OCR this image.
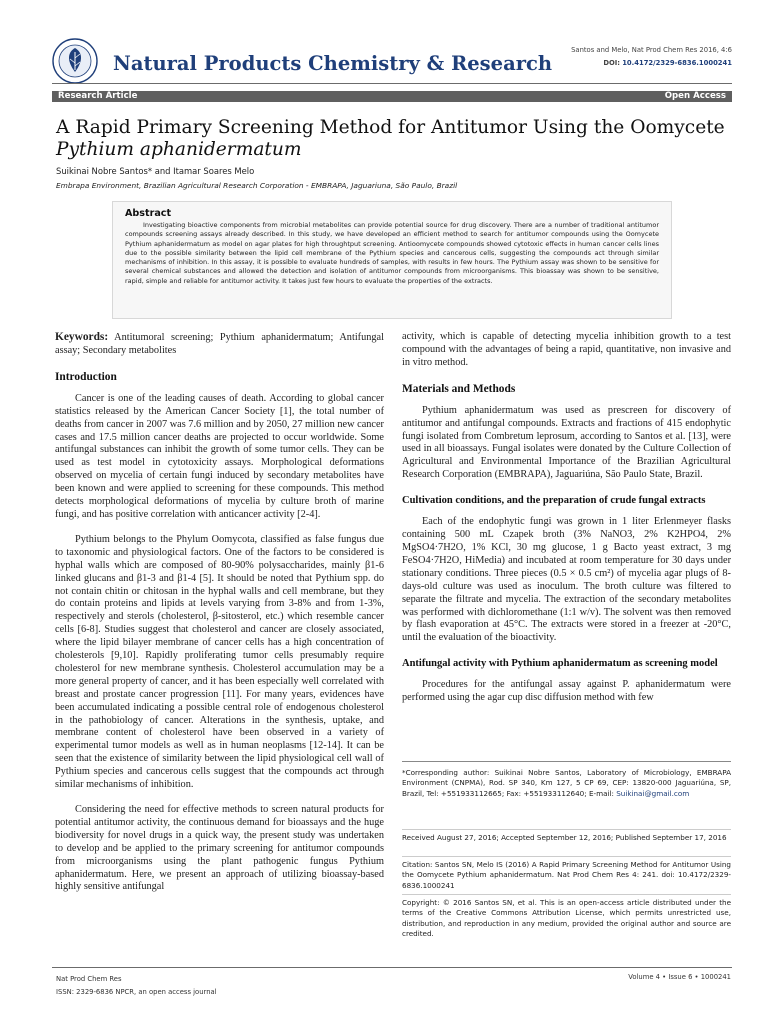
Natural Products Chemistry & Research
Santos and Melo, Nat Prod Chem Res 2016, 4:6
DOI: 10.4172/2329-6836.1000241
Research Article	Open Access
A Rapid Primary Screening Method for Antitumor Using the Oomycete
Pythium aphanidermatum
Suikinai Nobre Santos* and Itamar Soares Melo
Embrapa Environment, Brazilian Agricultural Research Corporation - EMBRAPA, Jaguariuna, São Paulo, Brazil
Abstract

Investigating bioactive components from microbial metabolites can provide potential source for drug discovery. There are a number of traditional antitumor compounds screening assays already described. In this study, we have developed an efficient method to search for antitumor compounds using the Oomycete Pythium aphanidermatum as model on agar plates for high throughtput screening. Antioomycete compounds showed cytotoxic effects in human cancer cells lines due to the possible similarity between the lipid cell membrane of the Pythium species and cancerous cells, suggesting the compounds act through similar mechanisms of inhibition. In this assay, it is possible to evaluate hundreds of samples, with results in few hours. The Pythium assay was shown to be sensitive for several chemical substances and allowed the detection and isolation of antitumor compounds from microorganisms. This bioassay was shown to be sensitive, rapid, simple and reliable for antitumor activity. It takes just few hours to evaluate the properties of the extracts.

Keywords: Antitumoral screening; Pythium aphanidermatum; Antifungal assay; Secondary metabolites

Introduction

Cancer is one of the leading causes of death. According to global cancer statistics released by the American Cancer Society [1], the total number of deaths from cancer in 2007 was 7.6 million and by 2050, 27 million new cancer cases and 17.5 million cancer deaths are projected to occur worldwide. Some antifungal substances can inhibit the growth of some tumor cells. They can be used as test model in cytotoxicity assays. Morphological deformations observed on mycelia of certain fungi induced by secondary metabolites have been known and were applied to screening for these compounds. This method detects morphological deformations of mycelia by culture broth of marine fungi, and has positive correlation with anticancer activity [2-4].

Pythium belongs to the Phylum Oomycota, classified as false fungus due to taxonomic and physiological factors. One of the factors to be considered is hyphal walls which are composed of 80-90% polysaccharides, mainly β1-6 linked glucans and β1-3 and β1-4 [5]. It should be noted that Pythium spp. do not contain chitin or chitosan in the hyphal walls and cell membrane, but they do contain proteins and lipids at levels varying from 3-8% and from 1-3%, respectively and sterols (cholesterol, β-sitosterol, etc.) which resemble cancer cells [6-8]. Studies suggest that cholesterol and cancer are closely associated, where the lipid bilayer membrane of cancer cells has a high concentration of cholesterols [9,10]. Rapidly proliferating tumor cells presumably require cholesterol for new membrane synthesis. Cholesterol accumulation may be a more general property of cancer, and it has been especially well correlated with breast and prostate cancer progression [11]. For many years, evidences have been accumulated indicating a possible central role of endogenous cholesterol in the pathobiology of cancer. Alterations in the synthesis, uptake, and membrane content of cholesterol have been observed in a variety of experimental tumor models as well as in human neoplasms [12-14]. It can be seen that the existence of similarity between the lipid physiological cell wall of Pythium species and cancerous cells suggest that the compounds act through similar mechanisms of inhibition.

Considering the need for effective methods to screen natural products for potential antitumor activity, the continuous demand for bioassays and the huge biodiversity for novel drugs in a quick way, the present study was undertaken to develop and be applied to the primary screening for antitumor compounds from microorganisms using the plant pathogenic fungus Pythium aphanidermatum. Here, we present an approach of utilizing bioassay-based highly sensitive antifungal

activity, which is capable of detecting mycelia inhibition growth to a test compound with the advantages of being a rapid, quantitative, non invasive and in vitro method.

Materials and Methods

Pythium aphanidermatum was used as prescreen for discovery of antitumor and antifungal compounds. Extracts and fractions of 415 endophytic fungi isolated from Combretum leprosum, according to Santos et al. [13], were used in all bioassays. Fungal isolates were donated by the Culture Collection of Agricultural and Environmental Importance of the Brazilian Agricultural Research Corporation (EMBRAPA), Jaguariúna, São Paulo State, Brazil.

Cultivation conditions, and the preparation of crude fungal extracts

Each of the endophytic fungi was grown in 1 liter Erlenmeyer flasks containing 500 mL Czapek broth (3% NaNO3, 2% K2HPO4, 2% MgSO4·7H2O, 1% KCl, 30 mg glucose, 1 g Bacto yeast extract, 3 mg FeSO4·7H2O, HiMedia) and incubated at room temperature for 30 days under stationary conditions. Three pieces (0.5 × 0.5 cm²) of mycelia agar plugs of 8-days-old culture was used as inoculum. The broth culture was filtered to separate the filtrate and mycelia. The extraction of the secondary metabolites was performed with dichloromethane (1:1 w/v). The solvent was then removed by flash evaporation at 45°C. The extracts were stored in a freezer at -20°C, until the evaluation of the bioactivity.

Antifungal activity with Pythium aphanidermatum as screening model

Procedures for the antifungal assay against P. aphanidermatum were performed using the agar cup disc diffusion method with few

*Corresponding author: Suikinai Nobre Santos, Laboratory of Microbiology, EMBRAPA Environment (CNPMA), Rod. SP 340, Km 127, 5 CP 69, CEP: 13820-000 Jaguariúna, SP, Brazil, Tel: +551933112665; Fax: +551933112640; E-mail: Suikinai@gmail.com
Received August 27, 2016; Accepted September 12, 2016; Published September 17, 2016
Citation: Santos SN, Melo IS (2016) A Rapid Primary Screening Method for Antitumor Using the Oomycete Pythium aphanidermatum. Nat Prod Chem Res 4: 241. doi: 10.4172/2329-6836.1000241
Copyright: © 2016 Santos SN, et al. This is an open-access article distributed under the terms of the Creative Commons Attribution License, which permits unrestricted use, distribution, and reproduction in any medium, provided the original author and source are credited.
Nat Prod Chem Res
ISSN: 2329-6836 NPCR, an open access journal
Volume 4 • Issue 6 • 1000241
